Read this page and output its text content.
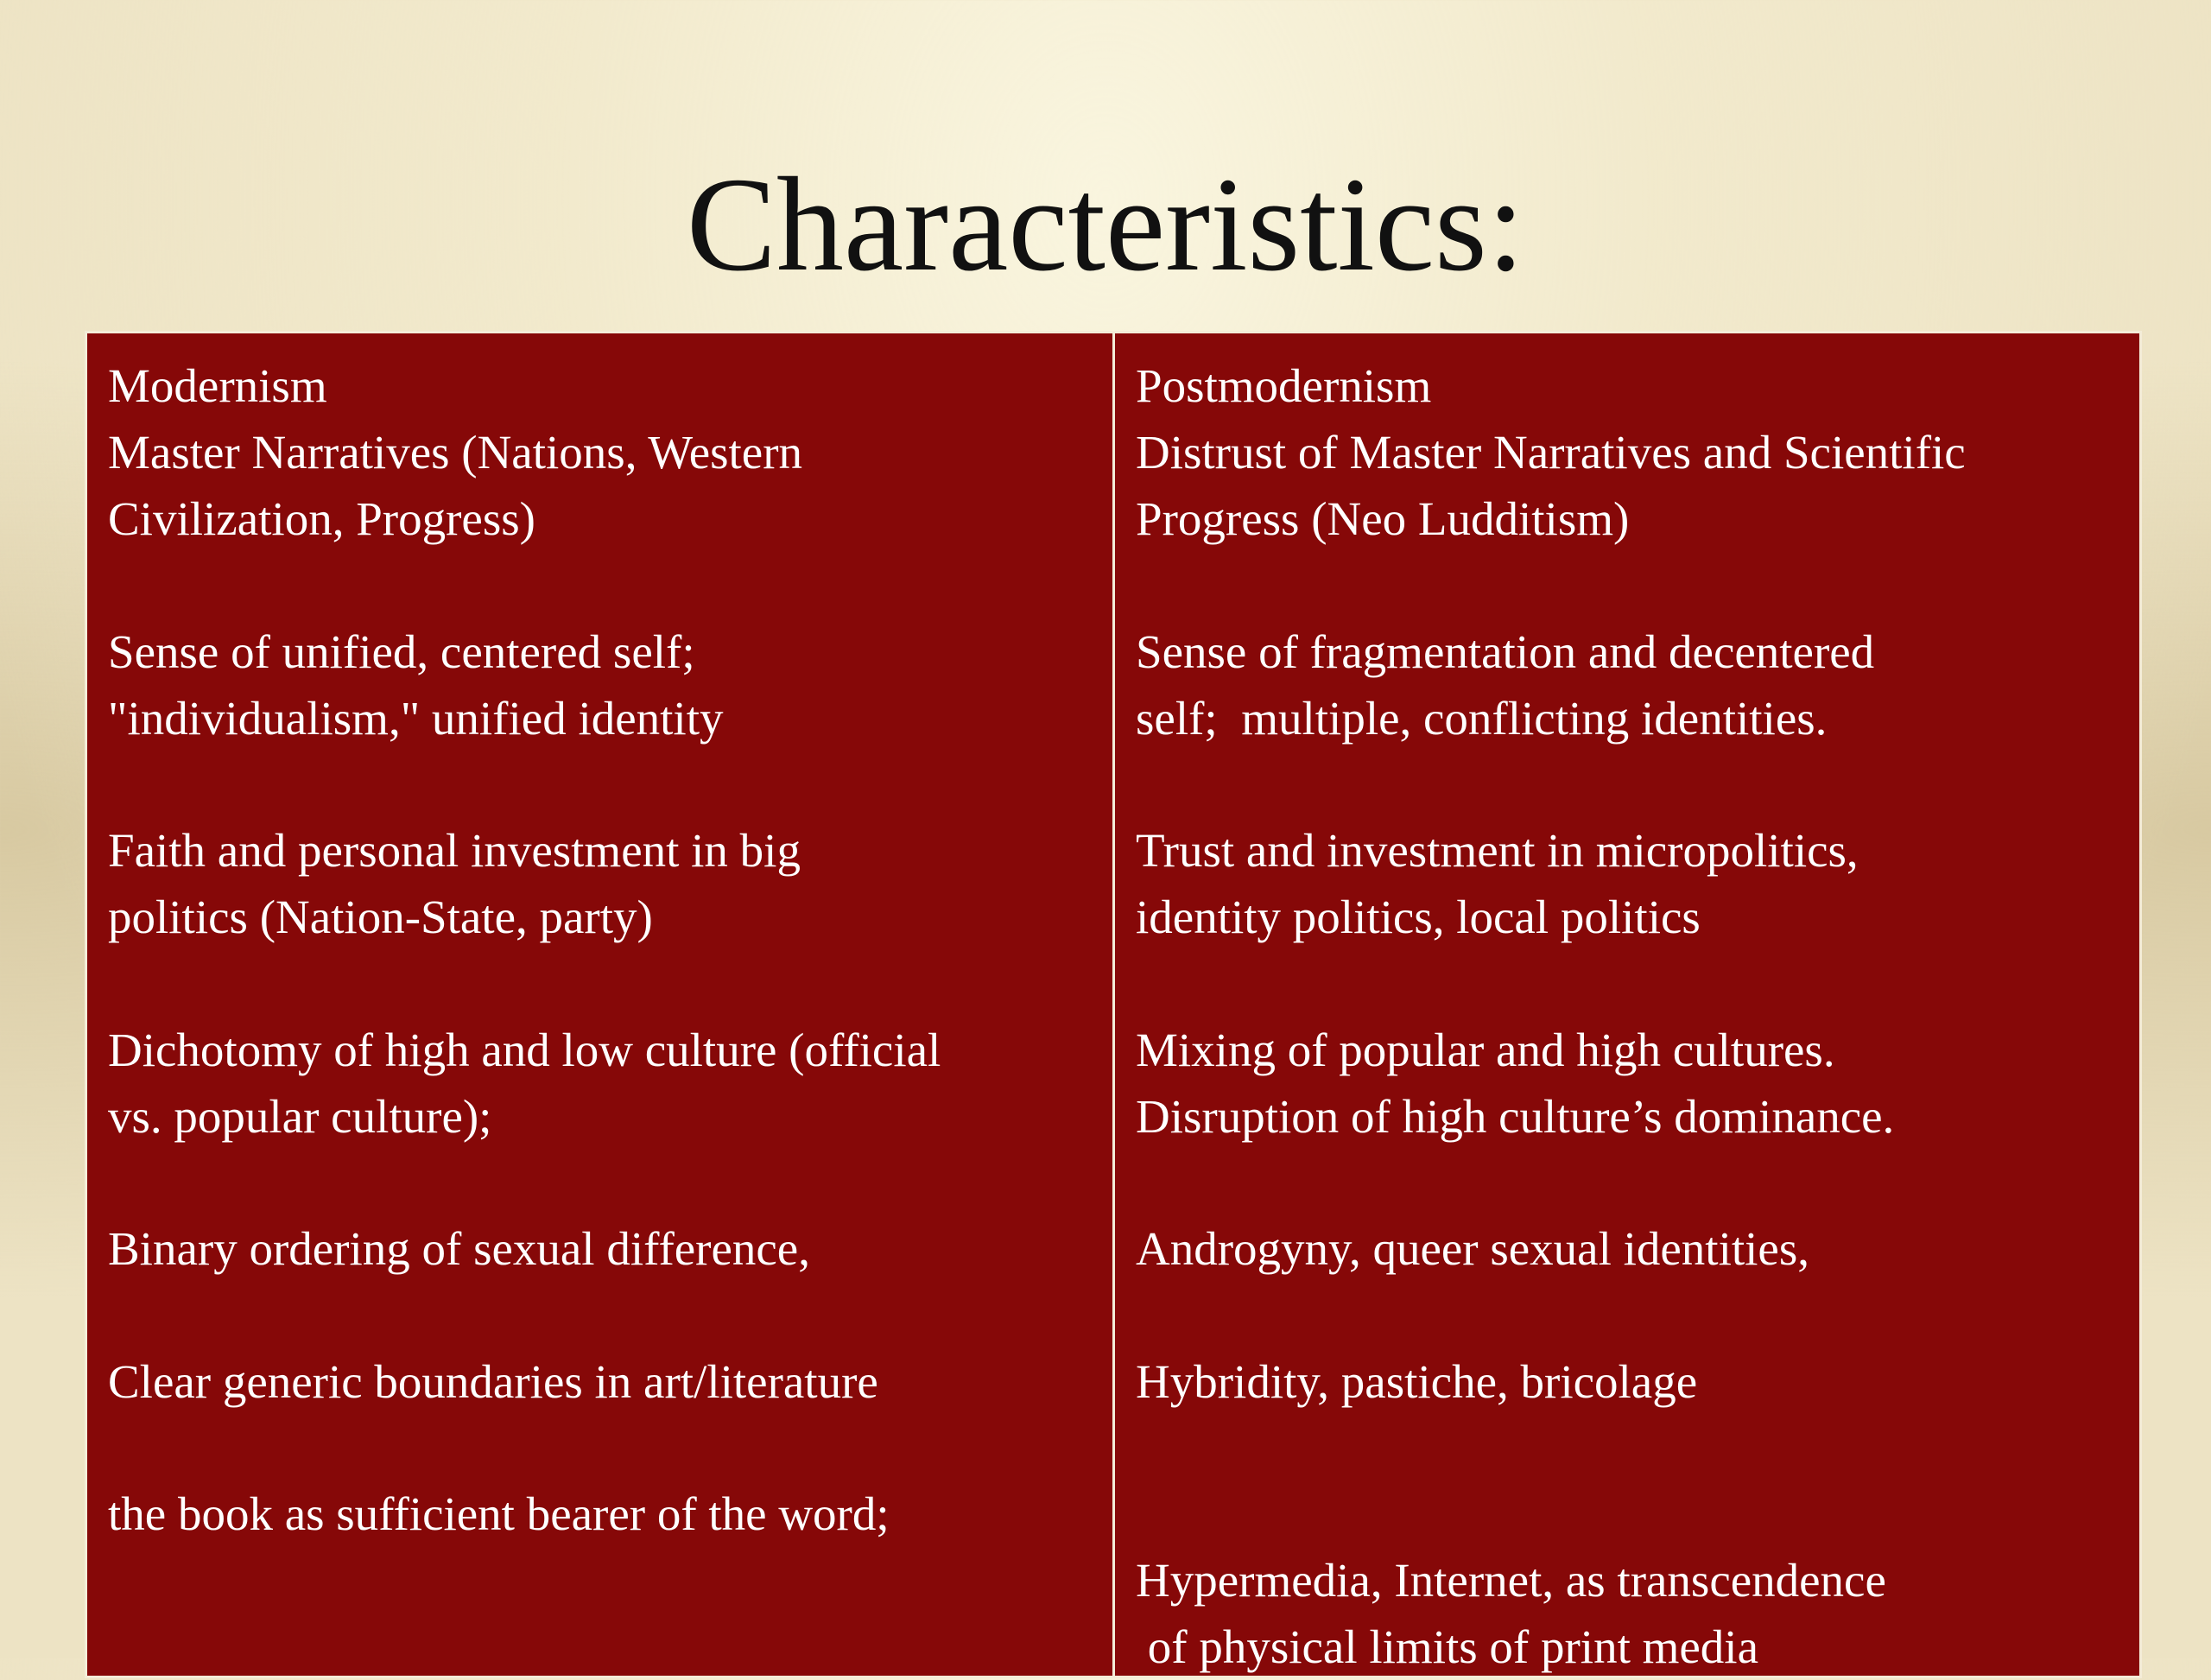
Characteristics:

Modernism

Master Narratives (Nations, Western
Civilization, Progress)

Sense of unified, centered self;
"individualism," unified identity

Faith and personal investment in big
politics (Nation-State, party)

Dichotomy of high and low culture (official
vs. popular culture);

Binary ordering of sexual difference,

Clear generic boundaries in art/literature

the book as sufficient bearer of the word;

Postmodernism

Distrust of Master Narratives and Scientific
Progress (Neo Ludditism)

Sense of fragmentation and decentered
self;  multiple, conflicting identities.

Trust and investment in micropolitics,
identity politics, local politics

Mixing of popular and high cultures.
Disruption of high culture’s dominance.

Androgyny, queer sexual identities,

Hybridity, pastiche, bricolage

Hypermedia, Internet, as transcendence
of physical limits of print media
